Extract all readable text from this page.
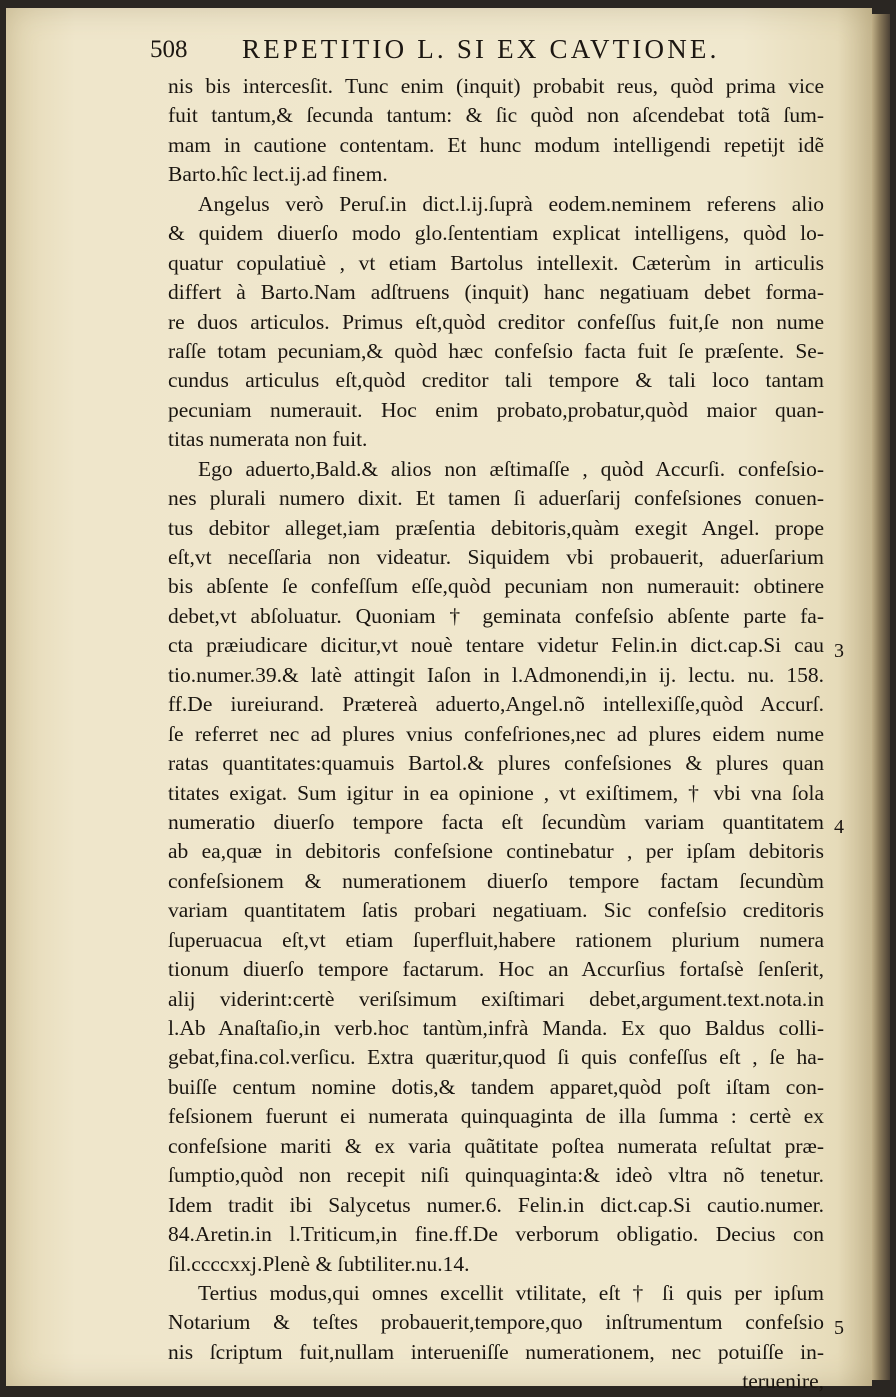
508 REPETITIO L. SI EX CAVTIONE.
nis bis intercesſit. Tunc enim (inquit) probabit reus, quòd prima vice
fuit tantum,& ſecunda tantum: & ſic quòd non aſcendebat totã ſum-
mam in cautione contentam. Et hunc modum intelligendi repetijt idẽ
Barto.hîc lect.ij.ad finem.
Angelus verò Peruſ.in dict.l.ij.ſuprà eodem.neminem referens alio
& quidem diuerſo modo glo.ſententiam explicat intelligens, quòd lo-
quatur copulatiuè , vt etiam Bartolus intellexit. Cæterùm in articulis
differt à Barto.Nam adſtruens (inquit) hanc negatiuam debet forma-
re duos articulos. Primus eſt,quòd creditor confeſſus fuit,ſe non nume
raſſe totam pecuniam,& quòd hæc confeſsio facta fuit ſe præſente. Se-
cundus articulus eſt,quòd creditor tali tempore & tali loco tantam
pecuniam numerauit. Hoc enim probato,probatur,quòd maior quan-
titas numerata non fuit.
Ego aduerto,Bald.& alios non æſtimaſſe , quòd Accurſi. confeſsio-
nes plurali numero dixit. Et tamen ſi aduerſarij confeſsiones conuen-
tus debitor alleget,iam præſentia debitoris,quàm exegit Angel. prope
eſt,vt neceſſaria non videatur. Siquidem vbi probauerit, aduerſarium
bis abſente ſe confeſſum eſſe,quòd pecuniam non numerauit: obtinere
debet,vt abſoluatur. Quoniam † geminata confeſsio abſente parte fa-
cta præiudicare dicitur,vt nouè tentare videtur Felin.in dict.cap.Si cau
tio.numer.39.& latè attingit Iaſon in l.Admonendi,in ij. lectu. nu. 158.
ff.De iureiurand. Prætereà aduerto,Angel.nõ intellexiſſe,quòd Accurſ.
ſe referret nec ad plures vnius confeſriones,nec ad plures eidem nume
ratas quantitates:quamuis Bartol.& plures confeſsiones & plures quan
titates exigat. Sum igitur in ea opinione , vt exiſtimem, † vbi vna ſola
numeratio diuerſo tempore facta eſt ſecundùm variam quantitatem
ab ea,quæ in debitoris confeſsione continebatur , per ipſam debitoris
confeſsionem & numerationem diuerſo tempore factam ſecundùm
variam quantitatem ſatis probari negatiuam. Sic confeſsio creditoris
ſuperuacua eſt,vt etiam ſuperfluit,habere rationem plurium numera
tionum diuerſo tempore factarum. Hoc an Accurſius fortaſsè ſenſerit,
alij viderint:certè veriſsimum exiſtimari debet,argument.text.nota.in
l.Ab Anaſtaſio,in verb.hoc tantùm,infrà Manda. Ex quo Baldus colli-
gebat,fina.col.verſicu. Extra quæritur,quod ſi quis confeſſus eſt , ſe ha-
buiſſe centum nomine dotis,& tandem apparet,quòd poſt iſtam con-
feſsionem fuerunt ei numerata quinquaginta de illa ſumma : certè ex
confeſsione mariti & ex varia quãtitate poſtea numerata reſultat præ-
ſumptio,quòd non recepit niſi quinquaginta:& ideò vltra nõ tenetur.
Idem tradit ibi Salycetus numer.6. Felin.in dict.cap.Si cautio.numer.
84.Aretin.in l.Triticum,in fine.ff.De verborum obligatio. Decius con
ſil.ccccxxj.Plenè & ſubtiliter.nu.14.
Tertius modus,qui omnes excellit vtilitate, eſt † ſi quis per ipſum
Notarium & teſtes probauerit,tempore,quo inſtrumentum confeſsio
nis ſcriptum fuit,nullam interueniſſe numerationem, nec potuiſſe in-
teruenire,
3
4
5
